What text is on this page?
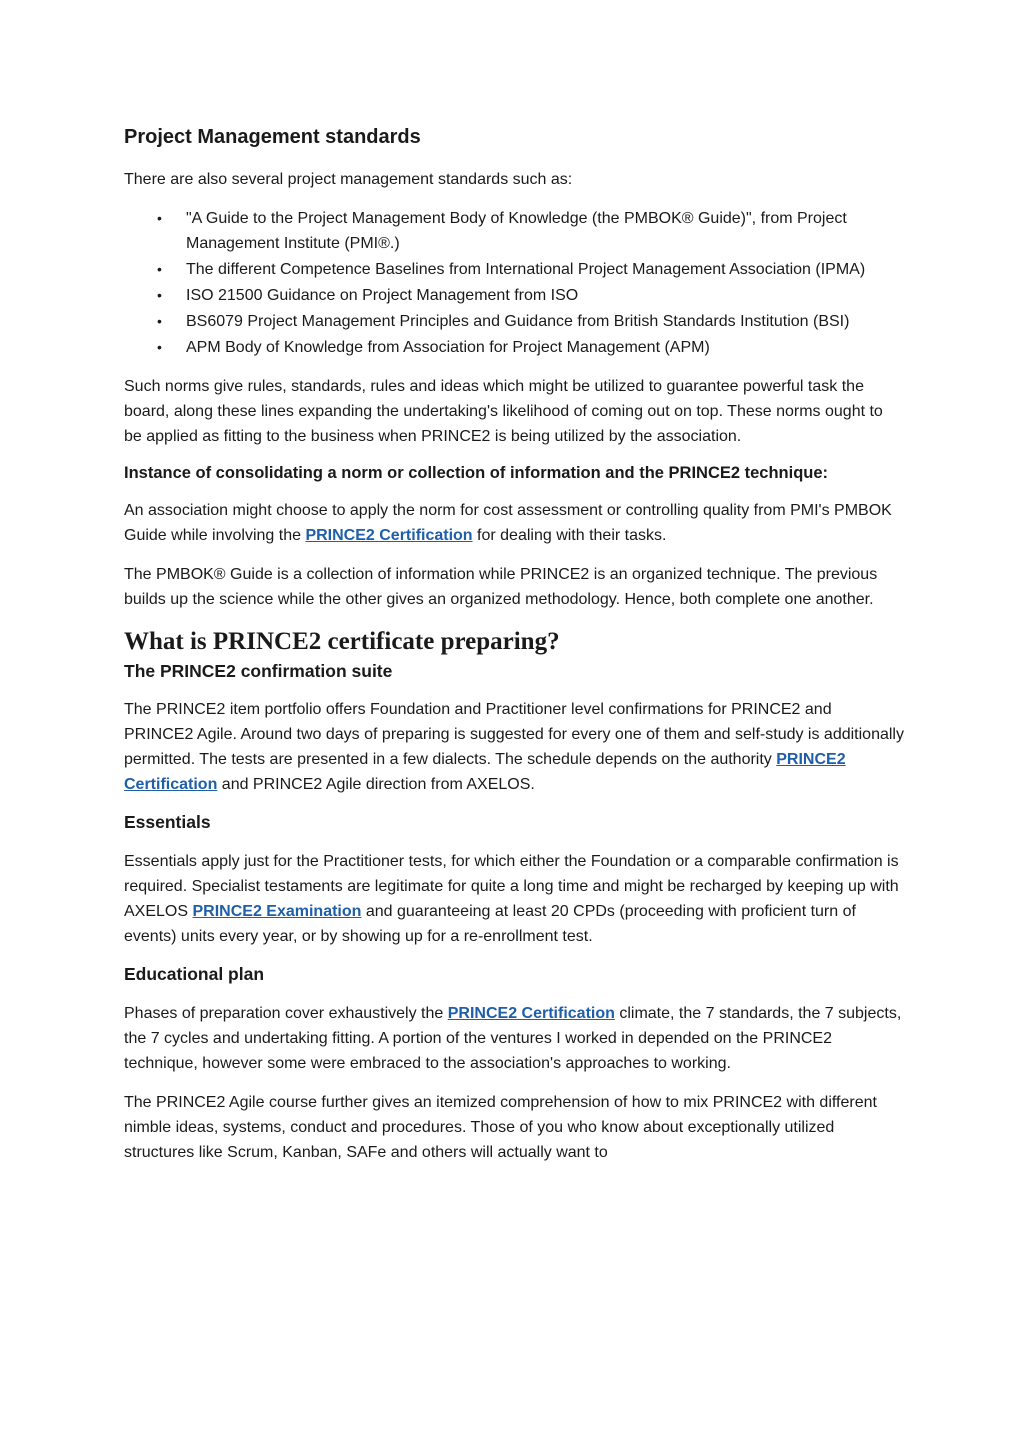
Project Management standards

There are also several project management standards such as:

• "A Guide to the Project Management Body of Knowledge (the PMBOK® Guide)", from Project Management Institute (PMI®.)
• The different Competence Baselines from International Project Management Association (IPMA)
• ISO 21500 Guidance on Project Management from ISO
• BS6079 Project Management Principles and Guidance from British Standards Institution (BSI)
• APM Body of Knowledge from Association for Project Management (APM)

Such norms give rules, standards, rules and ideas which might be utilized to guarantee powerful task the board, along these lines expanding the undertaking's likelihood of coming out on top. These norms ought to be applied as fitting to the business when PRINCE2 is being utilized by the association.

Instance of consolidating a norm or collection of information and the PRINCE2 technique:

An association might choose to apply the norm for cost assessment or controlling quality from PMI's PMBOK Guide while involving the PRINCE2 Certification for dealing with their tasks.

The PMBOK® Guide is a collection of information while PRINCE2 is an organized technique. The previous builds up the science while the other gives an organized methodology. Hence, both complete one another.

What is PRINCE2 certificate preparing?
The PRINCE2 confirmation suite

The PRINCE2 item portfolio offers Foundation and Practitioner level confirmations for PRINCE2 and PRINCE2 Agile. Around two days of preparing is suggested for every one of them and self-study is additionally permitted. The tests are presented in a few dialects. The schedule depends on the authority PRINCE2 Certification and PRINCE2 Agile direction from AXELOS.

Essentials

Essentials apply just for the Practitioner tests, for which either the Foundation or a comparable confirmation is required. Specialist testaments are legitimate for quite a long time and might be recharged by keeping up with AXELOS PRINCE2 Examination and guaranteeing at least 20 CPDs (proceeding with proficient turn of events) units every year, or by showing up for a re-enrollment test.

Educational plan

Phases of preparation cover exhaustively the PRINCE2 Certification climate, the 7 standards, the 7 subjects, the 7 cycles and undertaking fitting. A portion of the ventures I worked in depended on the PRINCE2 technique, however some were embraced to the association's approaches to working.

The PRINCE2 Agile course further gives an itemized comprehension of how to mix PRINCE2 with different nimble ideas, systems, conduct and procedures. Those of you who know about exceptionally utilized structures like Scrum, Kanban, SAFe and others will actually want to
